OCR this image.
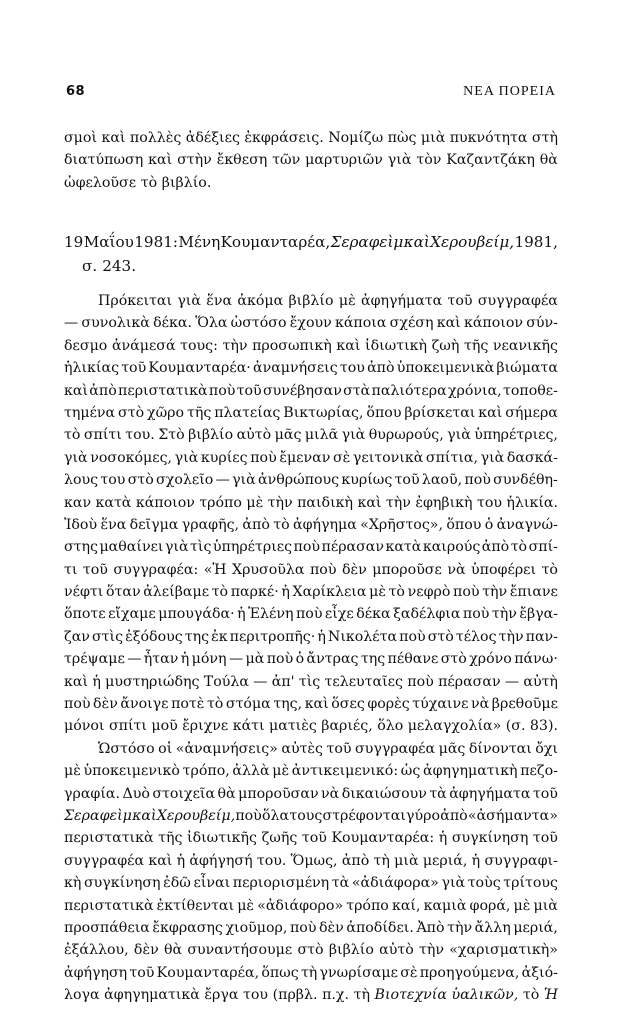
68	ΝΕΑ ΠΟΡΕΙΑ
σμοὶ καὶ πολλὲς ἀδέξιες ἐκφράσεις. Νομίζω πὼς μιὰ πυκνότητα στὴ
διατύπωση καὶ στὴν ἔκθεση τῶν μαρτυριῶν γιὰ τὸν Καζαντζάκη θὰ
ὠφελοῦσε τὸ βιβλίο.
19 Μαΐου 1981: Μένη Κουμανταρέα, Σεραφεὶμ καὶ Χερουβείμ, 1981,
σ. 243.
Πρόκειται γιὰ ἕνα ἀκόμα βιβλίο μὲ ἀφηγήματα τοῦ συγγραφέα
— συνολικὰ δέκα. Ὅλα ὡστόσο ἔχουν κάποια σχέση καὶ κάποιον σύν-
δεσμο ἀνάμεσά τους: τὴν προσωπικὴ καὶ ἰδιωτικὴ ζωὴ τῆς νεανικῆς
ἡλικίας τοῦ Κουμανταρέα· ἀναμνήσεις του ἀπὸ ὑποκειμενικὰ βιώματα
καὶ ἀπὸ περιστατικὰ ποὺ τοῦ συνέβησαν στὰ παλιότερα χρόνια, τοποθε-
τημένα στὸ χῶρο τῆς πλατείας Βικτωρίας, ὅπου βρίσκεται καὶ σήμερα
τὸ σπίτι του. Στὸ βιβλίο αὐτὸ μᾶς μιλᾶ γιὰ θυρωρούς, γιὰ ὑπηρέτριες,
γιὰ νοσοκόμες, γιὰ κυρίες ποὺ ἔμεναν σὲ γειτονικὰ σπίτια, γιὰ δασκά-
λους του στὸ σχολεῖο — γιὰ ἀνθρώπους κυρίως τοῦ λαοῦ, ποὺ συνδέθη-
καν κατὰ κάποιον τρόπο μὲ τὴν παιδικὴ καὶ τὴν ἐφηβικὴ του ἡλικία.
Ἰδοὺ ἕνα δεῖγμα γραφῆς, ἀπὸ τὸ ἀφήγημα «Χρῆστος», ὅπου ὁ ἀναγνώ-
στης μαθαίνει γιὰ τὶς ὑπηρέτριες ποὺ πέρασαν κατὰ καιρούς ἀπὸ τὸ σπί-
τι τοῦ συγγραφέα: «Ἡ Χρυσοῦλα ποὺ δὲν μποροῦσε νὰ ὑποφέρει τὸ
νέφτι ὅταν ἀλείβαμε τὸ παρκέ· ἡ Χαρίκλεια μὲ τὸ νεφρὸ ποὺ τὴν ἔπιανε
ὅποτε εἴχαμε μπουγάδα· ἡ Ἑλένη ποὺ εἶχε δέκα ξαδέλφια ποὺ τὴν ἔβγα-
ζαν στὶς ἐξόδους της ἐκ περιτροπῆς· ἡ Νικολέτα ποὺ στὸ τέλος τὴν παν-
τρέψαμε — ἦταν ἡ μόνη — μὰ ποὺ ὁ ἄντρας της πέθανε στὸ χρόνο πάνω·
καὶ ἡ μυστηριώδης Τούλα — ἀπ' τὶς τελευταῖες ποὺ πέρασαν — αὐτὴ
ποὺ δὲν ἄνοιγε ποτὲ τὸ στόμα της, καὶ ὅσες φορὲς τύχαινε νὰ βρεθοῦμε
μόνοι σπίτι μοῦ ἔριχνε κάτι ματιὲς βαριές, ὅλο μελαγχολία» (σ. 83).
Ὡστόσο οἱ «ἀναμνήσεις» αὐτὲς τοῦ συγγραφέα μᾶς δίνονται ὄχι
μὲ ὑποκειμενικὸ τρόπο, ἀλλὰ μὲ ἀντικειμενικό: ὡς ἀφηγηματικὴ πεζο-
γραφία. Δυὸ στοιχεῖα θὰ μποροῦσαν νὰ δικαιώσουν τὰ ἀφηγήματα τοῦ
Σεραφεὶμ καὶ Χερουβείμ, ποὺ ὅλα τους στρέφονται γύρο ἀπὸ «ἀσήμαντα»
περιστατικὰ τῆς ἰδιωτικῆς ζωῆς τοῦ Κουμανταρέα: ἡ συγκίνηση τοῦ
συγγραφέα καὶ ἡ ἀφήγησή του. Ὅμως, ἀπὸ τὴ μιὰ μεριά, ἡ συγγραφι-
κὴ συγκίνηση ἐδῶ εἶναι περιορισμένη τὰ «ἀδιάφορα» γιὰ τοὺς τρίτους
περιστατικὰ ἐκτίθενται μὲ «ἀδιάφορο» τρόπο καί, καμιὰ φορά, μὲ μιὰ
προσπάθεια ἔκφρασης χιοῦμορ, ποὺ δὲν ἀποδίδει. Ἀπὸ τὴν ἄλλη μεριά,
ἐξάλλου, δὲν θὰ συναντήσουμε στὸ βιβλίο αὐτὸ τὴν «χαρισματικὴ»
ἀφήγηση τοῦ Κουμανταρέα, ὅπως τὴ γνωρίσαμε σὲ προηγούμενα, ἀξιό-
λογα ἀφηγηματικὰ ἔργα του (πρβλ. π.χ. τὴ Βιοτεχνία ὑαλικῶν, τὸ Ἡ
